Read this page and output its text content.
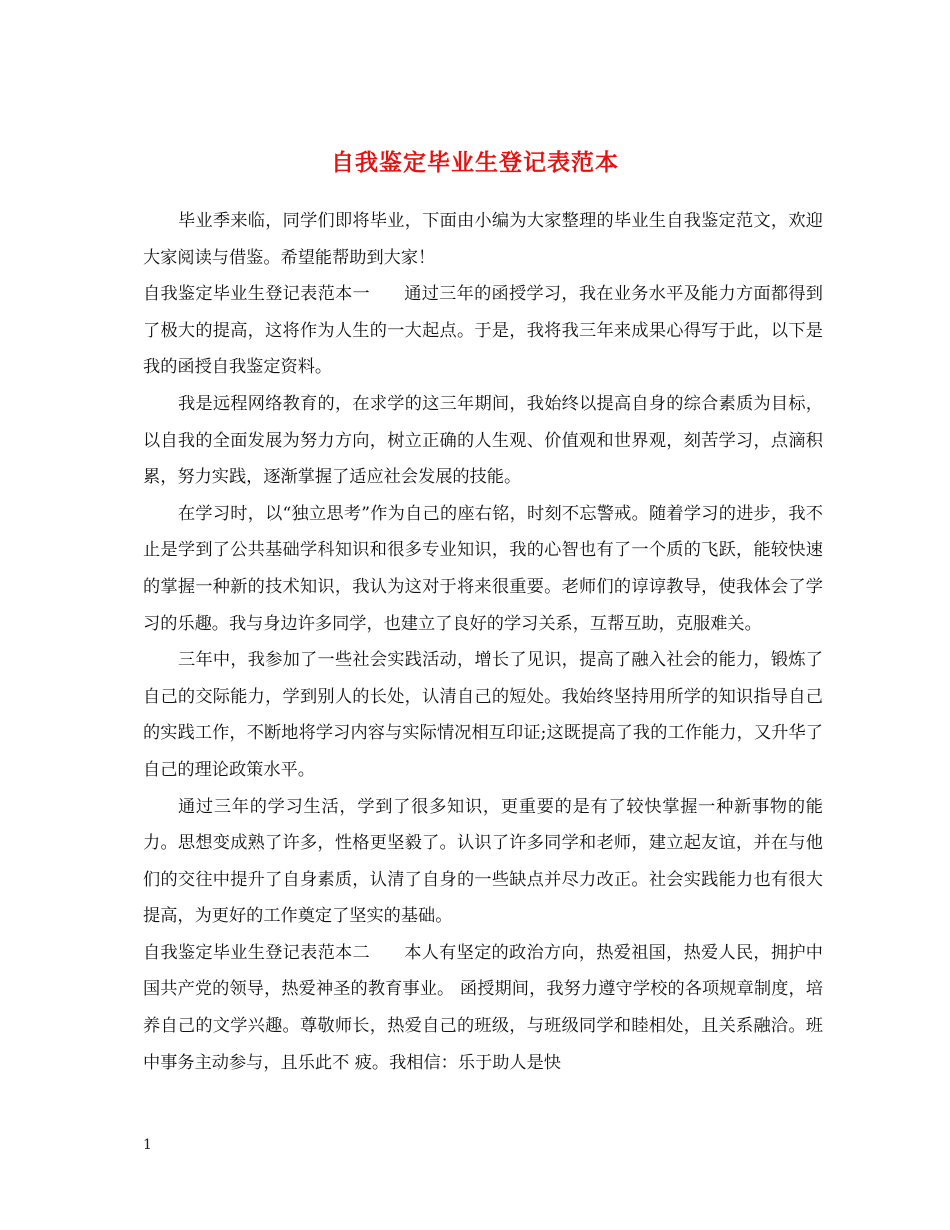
自我鉴定毕业生登记表范本

毕业季来临，同学们即将毕业，下面由小编为大家整理的毕业生自我鉴定范文，欢迎大家阅读与借鉴。希望能帮助到大家！

自我鉴定毕业生登记表范本一 通过三年的函授学习，我在业务水平及能力方面都得到了极大的提高，这将作为人生的一大起点。于是，我将我三年来成果心得写于此，以下是我的函授自我鉴定资料。

我是远程网络教育的，在求学的这三年期间，我始终以提高自身的综合素质为目标，以自我的全面发展为努力方向，树立正确的人生观、价值观和世界观，刻苦学习，点滴积累，努力实践，逐渐掌握了适应社会发展的技能。

在学习时，以“独立思考”作为自己的座右铭，时刻不忘警戒。随着学习的进步，我不止是学到了公共基础学科知识和很多专业知识，我的心智也有了一个质的飞跃，能较快速的掌握一种新的技术知识，我认为这对于将来很重要。老师们的谆谆教导，使我体会了学习的乐趣。我与身边许多同学，也建立了良好的学习关系，互帮互助，克服难关。

三年中，我参加了一些社会实践活动，增长了见识，提高了融入社会的能力，锻炼了自己的交际能力，学到别人的长处，认清自己的短处。我始终坚持用所学的知识指导自己的实践工作，不断地将学习内容与实际情况相互印证;这既提高了我的工作能力，又升华了自己的理论政策水平。

通过三年的学习生活，学到了很多知识，更重要的是有了较快掌握一种新事物的能力。思想变成熟了许多，性格更坚毅了。认识了许多同学和老师，建立起友谊，并在与他们的交往中提升了自身素质，认清了自身的一些缺点并尽力改正。社会实践能力也有很大提高，为更好的工作奠定了坚实的基础。

自我鉴定毕业生登记表范本二 本人有坚定的政治方向，热爱祖国，热爱人民，拥护中国共产党的领导，热爱神圣的教育事业。 函授期间，我努力遵守学校的各项规章制度，培养自己的文学兴趣。尊敬师长，热爱自己的班级，与班级同学和睦相处，且关系融洽。班中事务主动参与，且乐此不 疲。我相信：乐于助人是快

1
